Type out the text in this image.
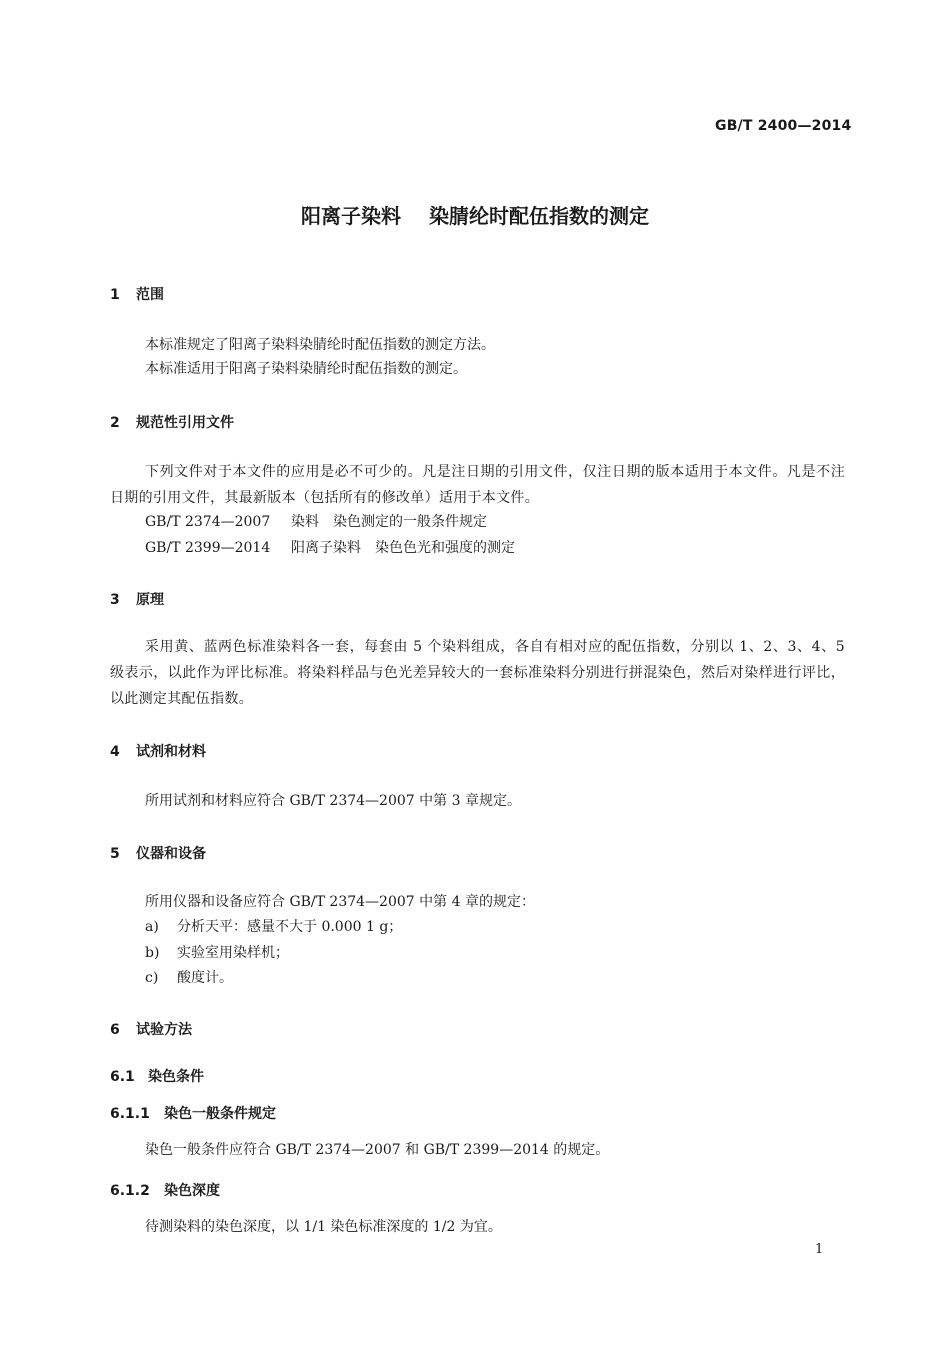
GB/T 2400—2014
阳离子染料 染腈纶时配伍指数的测定
1 范围
本标准规定了阳离子染料染腈纶时配伍指数的测定方法。
本标准适用于阳离子染料染腈纶时配伍指数的测定。
2 规范性引用文件
下列文件对于本文件的应用是必不可少的。凡是注日期的引用文件，仅注日期的版本适用于本文件。凡是不注日期的引用文件，其最新版本（包括所有的修改单）适用于本文件。
GB/T 2374—2007 染料　染色测定的一般条件规定
GB/T 2399—2014 阳离子染料　染色色光和强度的测定
3 原理
采用黄、蓝两色标准染料各一套，每套由 5 个染料组成，各自有相对应的配伍指数，分别以 1、2、3、4、5 级表示，以此作为评比标准。将染料样品与色光差异较大的一套标准染料分别进行拼混染色，然后对染样进行评比，以此测定其配伍指数。
4 试剂和材料
所用试剂和材料应符合 GB/T 2374—2007 中第 3 章规定。
5 仪器和设备
所用仪器和设备应符合 GB/T 2374—2007 中第 4 章的规定：
a) 分析天平：感量不大于 0.000 1 g；
b) 实验室用染样机；
c) 酸度计。
6 试验方法
6.1 染色条件
6.1.1 染色一般条件规定
染色一般条件应符合 GB/T 2374—2007 和 GB/T 2399—2014 的规定。
6.1.2 染色深度
待测染料的染色深度，以 1/1 染色标准深度的 1/2 为宜。
1
